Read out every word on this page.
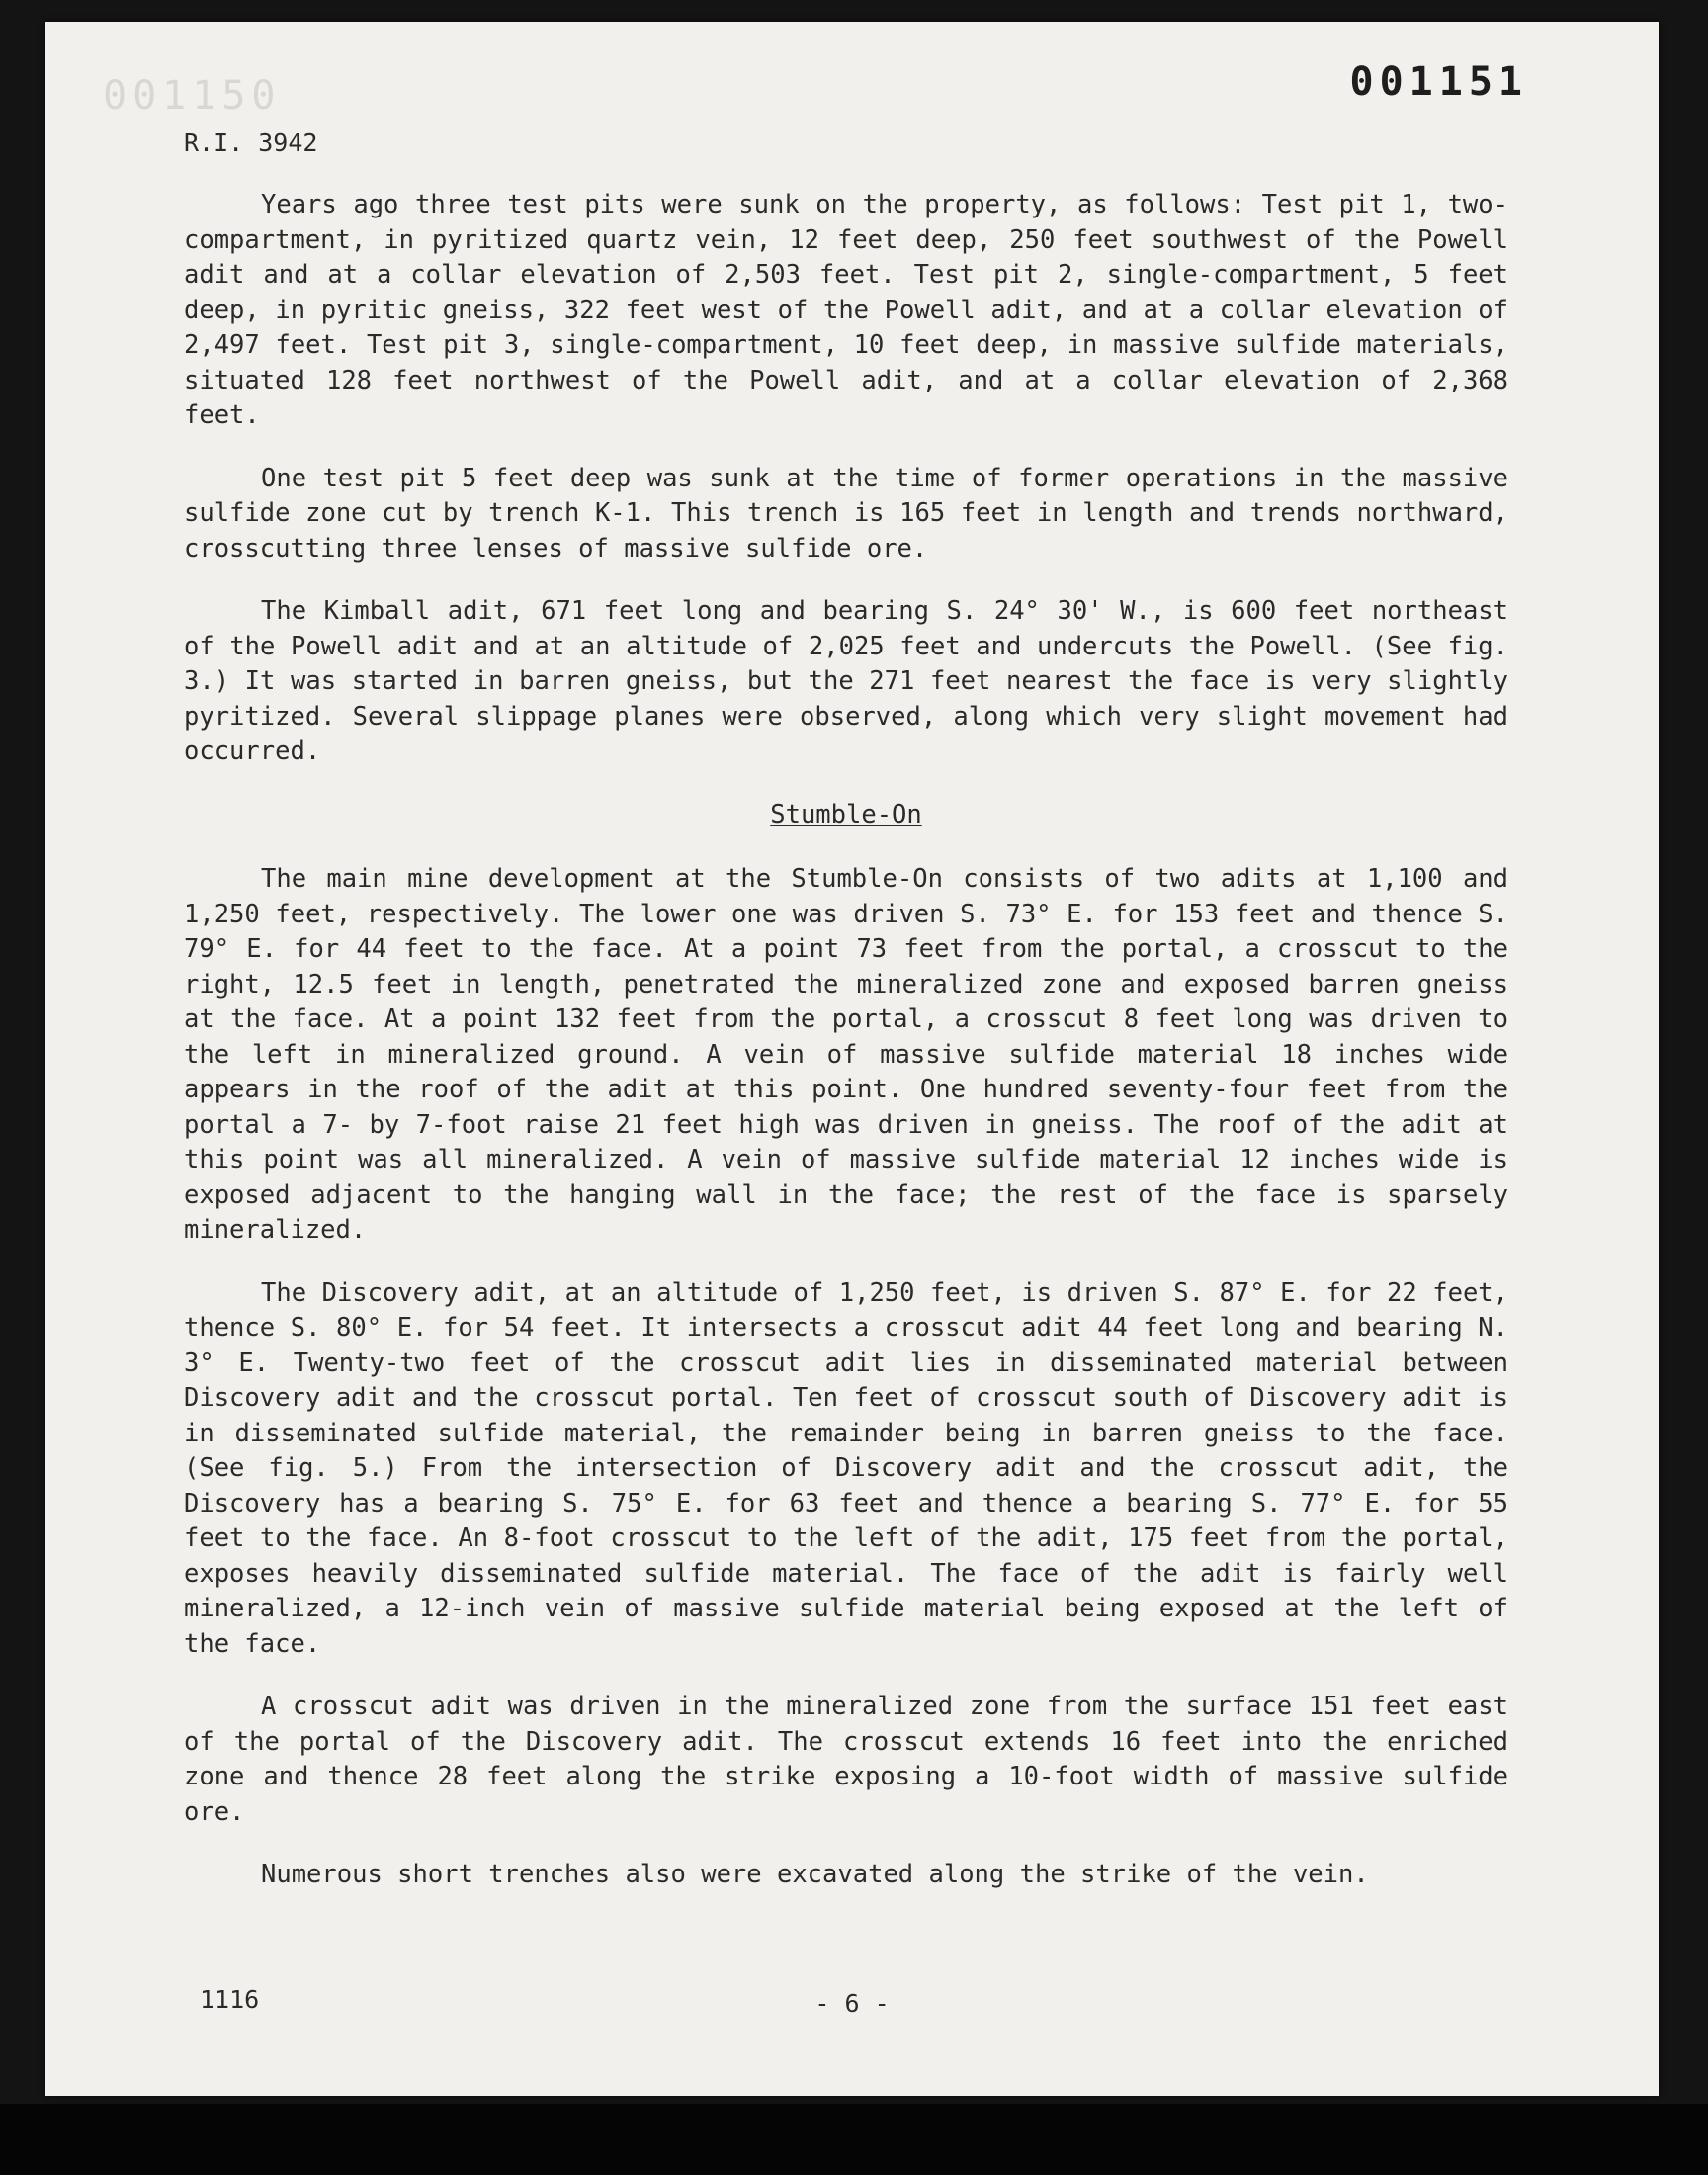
001150	001151
R.I. 3942

Years ago three test pits were sunk on the property, as follows: Test pit 1, two-compartment, in pyritized quartz vein, 12 feet deep, 250 feet southwest of the Powell adit and at a collar elevation of 2,503 feet. Test pit 2, single-compartment, 5 feet deep, in pyritic gneiss, 322 feet west of the Powell adit, and at a collar elevation of 2,497 feet. Test pit 3, single-compartment, 10 feet deep, in massive sulfide materials, situated 128 feet northwest of the Powell adit, and at a collar elevation of 2,368 feet.

One test pit 5 feet deep was sunk at the time of former operations in the massive sulfide zone cut by trench K-1. This trench is 165 feet in length and trends northward, crosscutting three lenses of massive sulfide ore.

The Kimball adit, 671 feet long and bearing S. 24° 30' W., is 600 feet northeast of the Powell adit and at an altitude of 2,025 feet and undercuts the Powell. (See fig. 3.) It was started in barren gneiss, but the 271 feet nearest the face is very slightly pyritized. Several slippage planes were observed, along which very slight movement had occurred.

Stumble-On

The main mine development at the Stumble-On consists of two adits at 1,100 and 1,250 feet, respectively. The lower one was driven S. 73° E. for 153 feet and thence S. 79° E. for 44 feet to the face. At a point 73 feet from the portal, a crosscut to the right, 12.5 feet in length, penetrated the mineralized zone and exposed barren gneiss at the face. At a point 132 feet from the portal, a crosscut 8 feet long was driven to the left in mineralized ground. A vein of massive sulfide material 18 inches wide appears in the roof of the adit at this point. One hundred seventy-four feet from the portal a 7- by 7-foot raise 21 feet high was driven in gneiss. The roof of the adit at this point was all mineralized. A vein of massive sulfide material 12 inches wide is exposed adjacent to the hanging wall in the face; the rest of the face is sparsely mineralized.

The Discovery adit, at an altitude of 1,250 feet, is driven S. 87° E. for 22 feet, thence S. 80° E. for 54 feet. It intersects a crosscut adit 44 feet long and bearing N. 3° E. Twenty-two feet of the crosscut adit lies in disseminated material between Discovery adit and the crosscut portal. Ten feet of crosscut south of Discovery adit is in disseminated sulfide material, the remainder being in barren gneiss to the face. (See fig. 5.) From the intersection of Discovery adit and the crosscut adit, the Discovery has a bearing S. 75° E. for 63 feet and thence a bearing S. 77° E. for 55 feet to the face. An 8-foot crosscut to the left of the adit, 175 feet from the portal, exposes heavily disseminated sulfide material. The face of the adit is fairly well mineralized, a 12-inch vein of massive sulfide material being exposed at the left of the face.

A crosscut adit was driven in the mineralized zone from the surface 151 feet east of the portal of the Discovery adit. The crosscut extends 16 feet into the enriched zone and thence 28 feet along the strike exposing a 10-foot width of massive sulfide ore.

Numerous short trenches also were excavated along the strike of the vein.

1116	- 6 -
